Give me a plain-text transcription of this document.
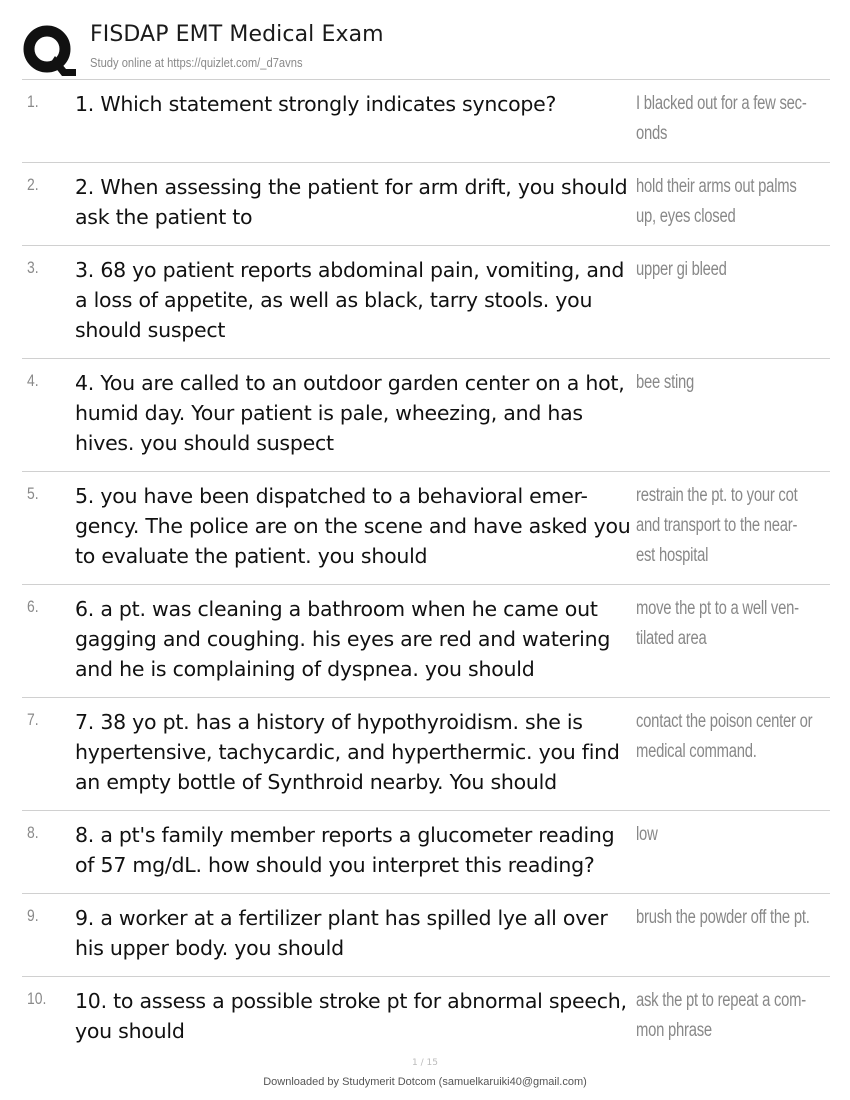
FISDAP EMT Medical Exam
Study online at https://quizlet.com/_d7avns
1. 1. Which statement strongly indicates syncope?	I blacked out for a few sec-onds
2. 2. When assessing the patient for arm drift, you should ask the patient to
hold their arms out palms up, eyes closed
3. 3. 68 yo patient reports abdominal pain, vomiting, and a loss of appetite, as well as black, tarry stools. you should suspect
upper gi bleed
4. 4. You are called to an outdoor garden center on a hot, humid day. Your patient is pale, wheezing, and has hives. you should suspect
bee sting
5. 5. you have been dispatched to a behavioral emer-gency. The police are on the scene and have asked you to evaluate the patient. you should
restrain the pt. to your cot and transport to the near-est hospital
6. 6. a pt. was cleaning a bathroom when he came out gagging and coughing. his eyes are red and watering and he is complaining of dyspnea. you should
move the pt to a well ven-tilated area
7. 7. 38 yo pt. has a history of hypothyroidism. she is hypertensive, tachycardic, and hyperthermic. you find an empty bottle of Synthroid nearby. You should
contact the poison center or medical command.
8. 8. a pt's family member reports a glucometer reading of 57 mg/dL. how should you interpret this reading?
low
9. 9. a worker at a fertilizer plant has spilled lye all over his upper body. you should
brush the powder off the pt.
10. 10. to assess a possible stroke pt for abnormal speech, you should
ask the pt to repeat a com-mon phrase
1 / 15
Downloaded by Studymerit Dotcom (samuelkaruiki40@gmail.com)
